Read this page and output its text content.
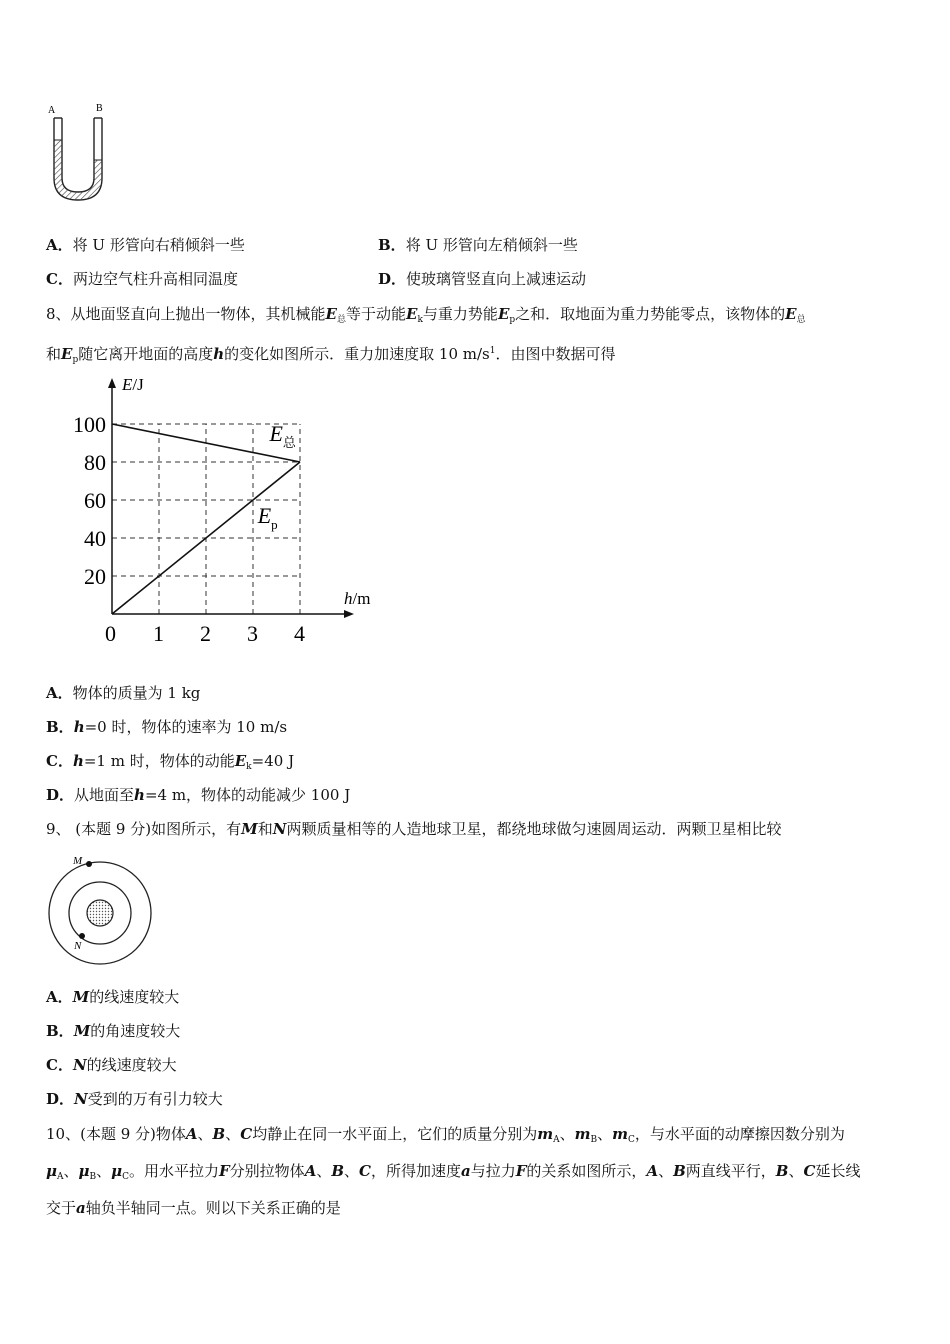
A	B
A．将 U 形管向右稍倾斜一些	B．将 U 形管向左稍倾斜一些
C．两边空气柱升高相同温度	D．使玻璃管竖直向上减速运动
8、从地面竖直向上抛出一物体，其机械能$E_总$等于动能$E_k$与重力势能$E_p$之和．取地面为重力势能零点，该物体的$E_总$
和$E_p$随它离开地面的高度h的变化如图所示．重力加速度取 10 $m/s^1$．由图中数据可得
E/J
h/m
0 1 2 3 4
20
40
60
80
100	$E_总$
$E_p$
A．物体的质量为 1 kg
B．h=0 时，物体的速率为 10 m/s
C．h=1 m 时，物体的动能$E_k=40$ J
D．从地面至h=4 m，物体的动能减少 100 J
9、 (本题 9 分)如图所示，有M和N两颗质量相等的人造地球卫星，都绕地球做匀速圆周运动．两颗卫星相比较
M
N
A．M的线速度较大
B．M的角速度较大
C．N的线速度较大
D．N受到的万有引力较大
10、(本题 9 分)物体A、B、C均静止在同一水平面上，它们的质量分别为$m_A$、$m_B$、$m_C$，与水平面的动摩擦因数分别为
$\mu_A$、$\mu_B$、$\mu_C$。用水平拉力F分别拉物体A、B、C，所得加速度a与拉力F的关系如图所示，A、B两直线平行，B、C延长线
交于a轴负半轴同一点。则以下关系正确的是
